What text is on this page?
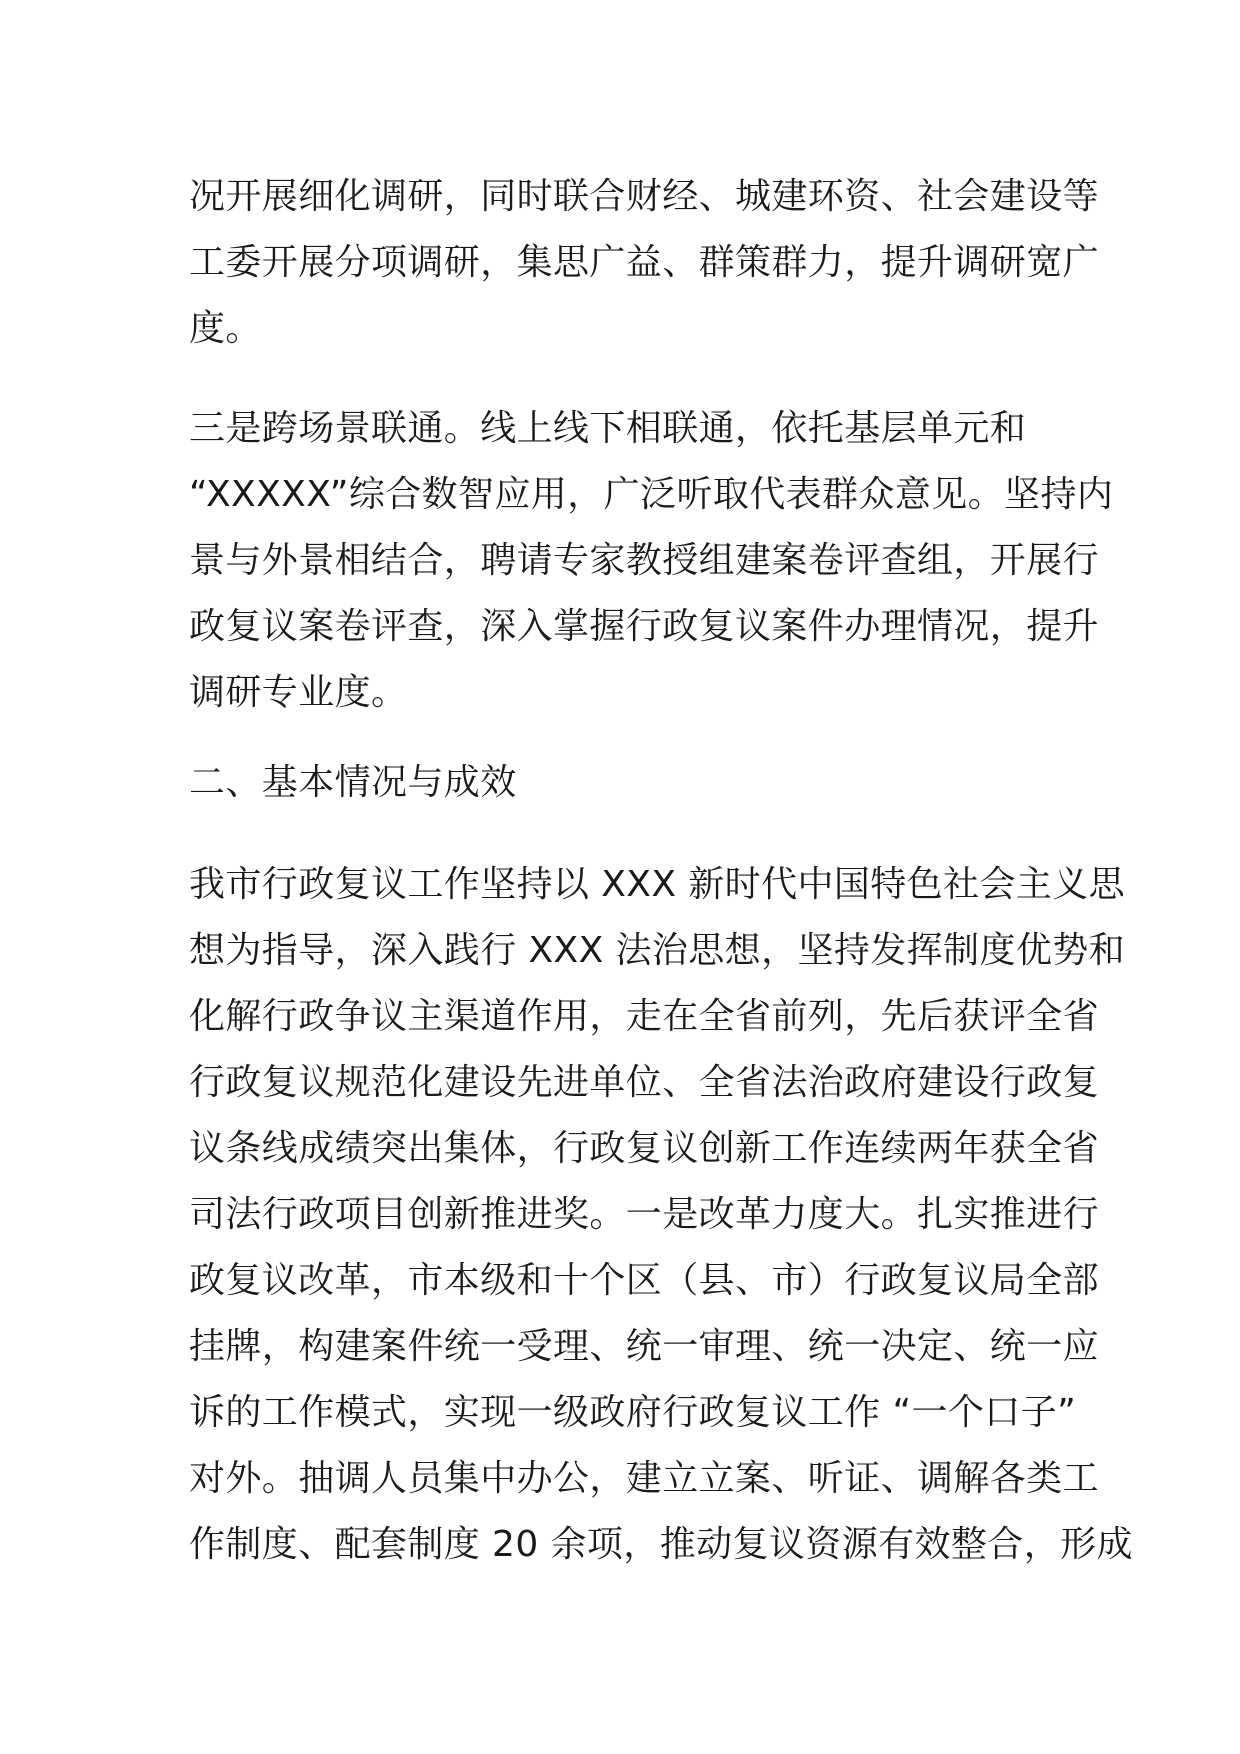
况开展细化调研，同时联合财经、城建环资、社会建设等
工委开展分项调研，集思广益、群策群力，提升调研宽广
度。
三是跨场景联通。线上线下相联通，依托基层单元和
“XXXXX”综合数智应用，广泛听取代表群众意见。坚持内
景与外景相结合，聘请专家教授组建案卷评查组，开展行
政复议案卷评查，深入掌握行政复议案件办理情况，提升
调研专业度。
二、基本情况与成效
我市行政复议工作坚持以 XXX 新时代中国特色社会主义思
想为指导，深入践行 XXX 法治思想，坚持发挥制度优势和
化解行政争议主渠道作用，走在全省前列，先后获评全省
行政复议规范化建设先进单位、全省法治政府建设行政复
议条线成绩突出集体，行政复议创新工作连续两年获全省
司法行政项目创新推进奖。一是改革力度大。扎实推进行
政复议改革，市本级和十个区（县、市）行政复议局全部
挂牌，构建案件统一受理、统一审理、统一决定、统一应
诉的工作模式，实现一级政府行政复议工作 “一个口子”
对外。抽调人员集中办公，建立立案、听证、调解各类工
作制度、配套制度 20 余项，推动复议资源有效整合，形成
